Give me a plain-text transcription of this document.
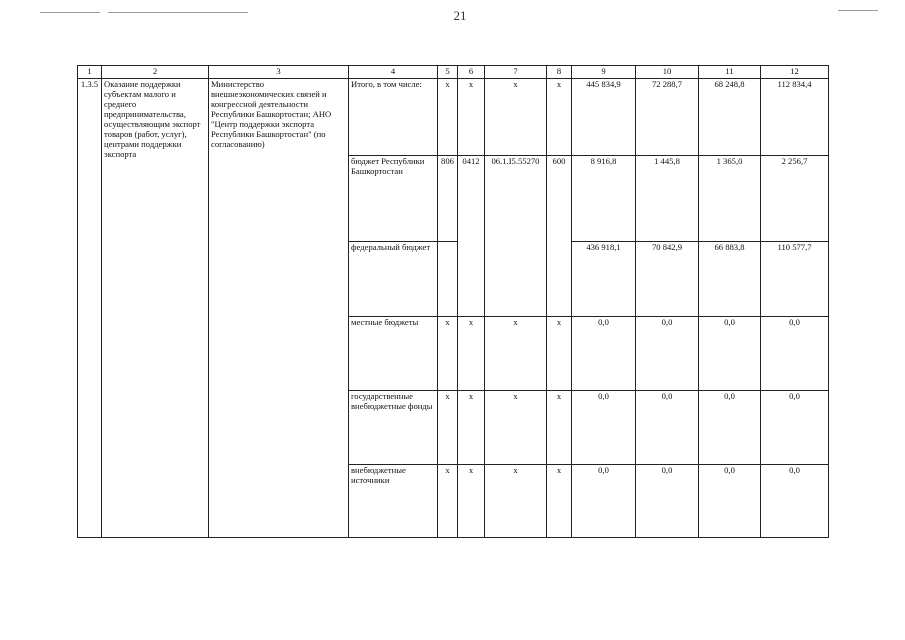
21
1	2	3	4	5	6	7	8	9	10	11	12
1.3.5	Оказание поддержки субъектам малого и среднего предпринимательства, осуществляющим экспорт товаров (работ, услуг), центрами поддержки экспорта	Министерство внешнеэкономических связей и конгрессной деятельности Республики Башкортостан; АНО "Центр поддержки экспорта Республики Башкортостан" (по согласованию)	Итого, в том числе:	x	x	x	x	445 834,9	72 288,7	68 248,8	112 834,4
			бюджет Республики Башкортостан	806	0412	06.1.I5.55270	600	8 916,8	1 445,8	1 365,0	2 256,7
			федеральный бюджет					436 918,1	70 842,9	66 883,8	110 577,7
			местные бюджеты	x	x	x	x	0,0	0,0	0,0	0,0
			государственные внебюджетные фонды	x	x	x	x	0,0	0,0	0,0	0,0
			внебюджетные источники	x	x	x	x	0,0	0,0	0,0	0,0
